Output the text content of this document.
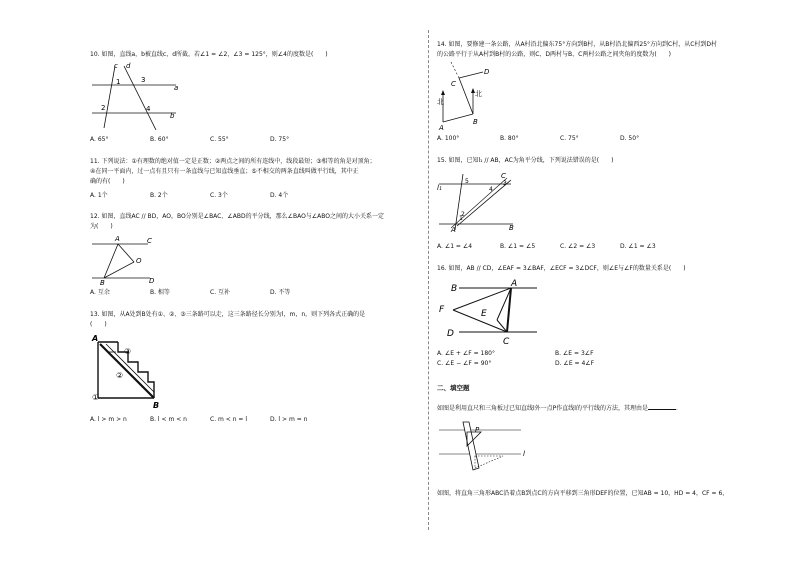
10. 如图，直线a，b被直线c，d所截，若∠1 = ∠2，∠3 = 125°，则∠4的度数是(　　)
c d
a
b
1
2
3
4
A. 65°	B. 60°	C. 55°	D. 75°
11. 下列说法：①有理数的绝对值一定是正数；②两点之间的所有连线中，线段最短；③相等的角是对顶角；
④在同一平面内，过一点有且只有一条直线与已知直线垂直；⑤不相交的两条直线叫做平行线，其中正
确的有(　　)
A. 1个	B. 2个	C. 3个	D. 4个
12. 如图，直线AC // BD，AO，BO分别是∠BAC、∠ABD的平分线，那么∠BAO与∠ABO之间的大小关系一定
为(　　)
A	C
O
B	D
A. 互余	B. 相等	C. 互补	D. 不等
13. 如图，从A处到B处有①、②、③三条路可以走，这三条路径长分别为l，m，n，则下列各式正确的是
(　　)
A
B
①
②
③
A. l > m > n	B. l < m < n	C. m < n = l	D. l > m = n
14. 如图，要修建一条公路，从A村沿北偏东75°方向到B村，从B村沿北偏西25°方向到C村，从C村到D村
的公路平行于从A村到B村的公路，则C、D两村与B、C两村公路之间夹角的度数为(　　)
北
北
A
B
C
D
A. 100°	B. 80°	C. 75°	D. 50°
15. 如图，已知l₁ // AB，AC为角平分线，下列说法错误的是(　　)
l₁
A	B
C
1
2
3
4
5
A. ∠1 = ∠4	B. ∠1 = ∠5	C. ∠2 = ∠3	D. ∠1 = ∠3
16. 如图，AB // CD，∠EAF = 3∠BAF，∠ECF = 3∠DCF，则∠E与∠F的数量关系是(　　)
B	A
F	E
D
C
A. ∠E + ∠F = 180°	B. ∠E = 3∠F
C. ∠E − ∠F = 90°	D. ∠E = 4∠F
二、填空题
如图是利用直尺和三角板过已知直线l外一点P作直线l的平行线的方法，其理由是	．
P
l
如图，将直角三角形ABC沿着点B到点C的方向平移到三角形DEF的位置，已知AB = 10，HD = 4，CF = 6，
